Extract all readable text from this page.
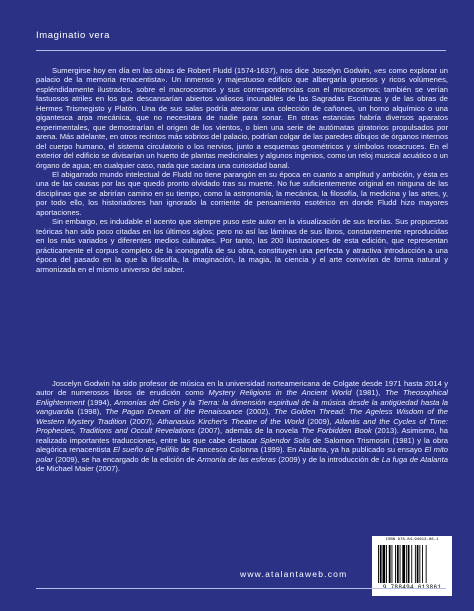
Imaginatio vera

Sumergirse hoy en día en las obras de Robert Fludd (1574-1637), nos dice Joscelyn Godwin, «es como explorar un palacio de la memoria renacentista». Un inmenso y majestuoso edificio que albergaría gruesos y ricos volúmenes, espléndidamente ilustrados, sobre el macrocosmos y sus correspondencias con el microcosmos; también se verían fastuosos atriles en los que descansarían abiertos valiosos incunables de las Sagradas Escrituras y de las obras de Hermes Trismegisto y Platón. Una de sus salas podría atesorar una colección de cañones, un horno alquímico o una gigantesca arpa mecánica, que no necesitara de nadie para sonar. En otras estancias habría diversos aparatos experimentales, que demostrarían el origen de los vientos, o bien una serie de autómatas giratorios propulsados por arena. Más adelante, en otros recintos más sobrios del palacio, podrían colgar de las paredes dibujos de órganos internos del cuerpo humano, el sistema circulatorio o los nervios, junto a esquemas geométricos y símbolos rosacruces. En el exterior del edificio se divisarían un huerto de plantas medicinales y algunos ingenios, como un reloj musical acuático o un órgano de agua; en cualquier caso, nada que saciara una curiosidad banal.

El abigarrado mundo intelectual de Fludd no tiene parangón en su época en cuanto a amplitud y ambición, y ésta es una de las causas por las que quedó pronto olvidado tras su muerte. No fue suficientemente original en ninguna de las disciplinas que se abrirían camino en su tiempo, como la astronomía, la mecánica, la filosofía, la medicina y las artes, y, por todo ello, los historiadores han ignorado la corriente de pensamiento esotérico en donde Fludd hizo mayores aportaciones.

Sin embargo, es indudable el acento que siempre puso este autor en la visualización de sus teorías. Sus propuestas teóricas han sido poco citadas en los últimos siglos; pero no así las láminas de sus libros, constantemente reproducidas en los más variados y diferentes medios culturales. Por tanto, las 200 ilustraciones de esta edición, que representan prácticamente el corpus completo de la iconografía de su obra, constituyen una perfecta y atractiva introducción a una época del pasado en la que la filosofía, la imaginación, la magia, la ciencia y el arte convivían de forma natural y armonizada en el mismo universo del saber.

Joscelyn Godwin ha sido profesor de música en la universidad norteamericana de Colgate desde 1971 hasta 2014 y autor de numerosos libros de erudición como Mystery Religions in the Ancient World (1981), The Theosophical Enlightenment (1994), Armonías del Cielo y la Tierra: la dimensión espiritual de la música desde la antigüedad hasta la vanguardia (1998), The Pagan Dream of the Renaissance (2002), The Golden Thread: The Ageless Wisdom of the Western Mystery Tradition (2007), Athanasius Kircher's Theatre of the World (2009), Atlantis and the Cycles of Time: Prophecies, Traditions and Occult Revelations (2007), además de la novela The Forbidden Book (2013). Asimismo, ha realizado importantes traducciones, entre las que cabe destacar Splendor Solis de Salomon Trismosin (1981) y la obra alegórica renacentista El sueño de Polifilo de Francesco Colonna (1999). En Atalanta, ya ha publicado su ensayo El mito polar (2009), se ha encargado de la edición de Armonía de las esferas (2009) y de la introducción de La fuga de Atalanta de Michael Maier (2007).

www.atalantaweb.com
ISBN 978-84-94613-86-1
